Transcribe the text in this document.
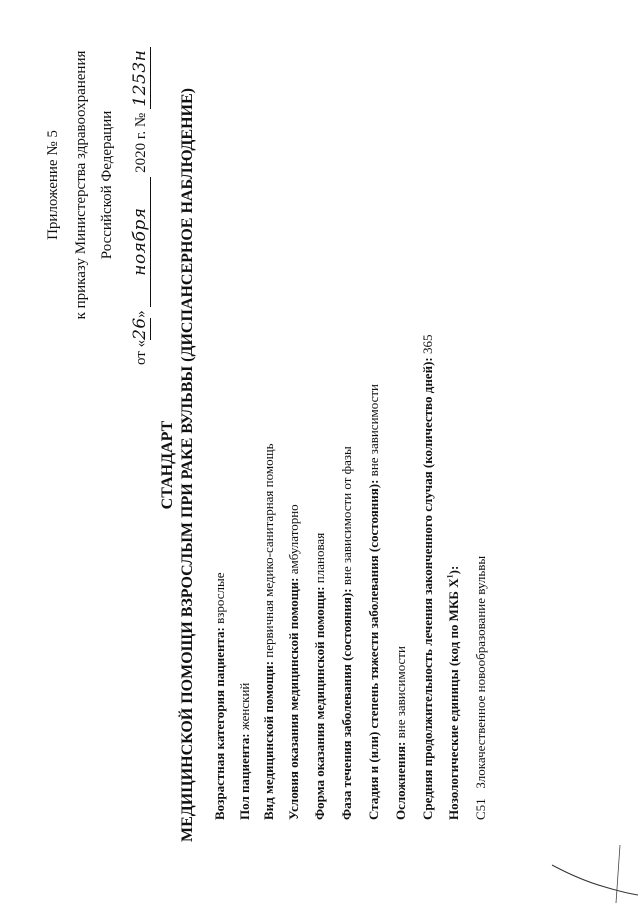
Приложение № 5 к приказу Министерства здравоохранения Российской Федерации
от «26» ноября 2020 г. № 1253н
СТАНДАРТ МЕДИЦИНСКОЙ ПОМОЩИ ВЗРОСЛЫМ ПРИ РАКЕ ВУЛЬВЫ (ДИСПАНСЕРНОЕ НАБЛЮДЕНИЕ) Возрастная категория пациента: взрослые
Пол пациента: женский Вид медицинской помощи: первичная медико-санитарная помощь
Условия оказания медицинской помощи: амбулаторно
Форма оказания медицинской помощи: плановая
Фаза течения заболевания (состояния): вне зависимости от фазы Стадия и (или) степень тяжести заболевания (состояния): вне зависимости
Осложнения: вне зависимости Средняя продолжительность лечения законченного случая (количество дней): 365
Нозологические единицы (код по МКБ $X^1$):
C51   Злокачественное новообразование вульвы
